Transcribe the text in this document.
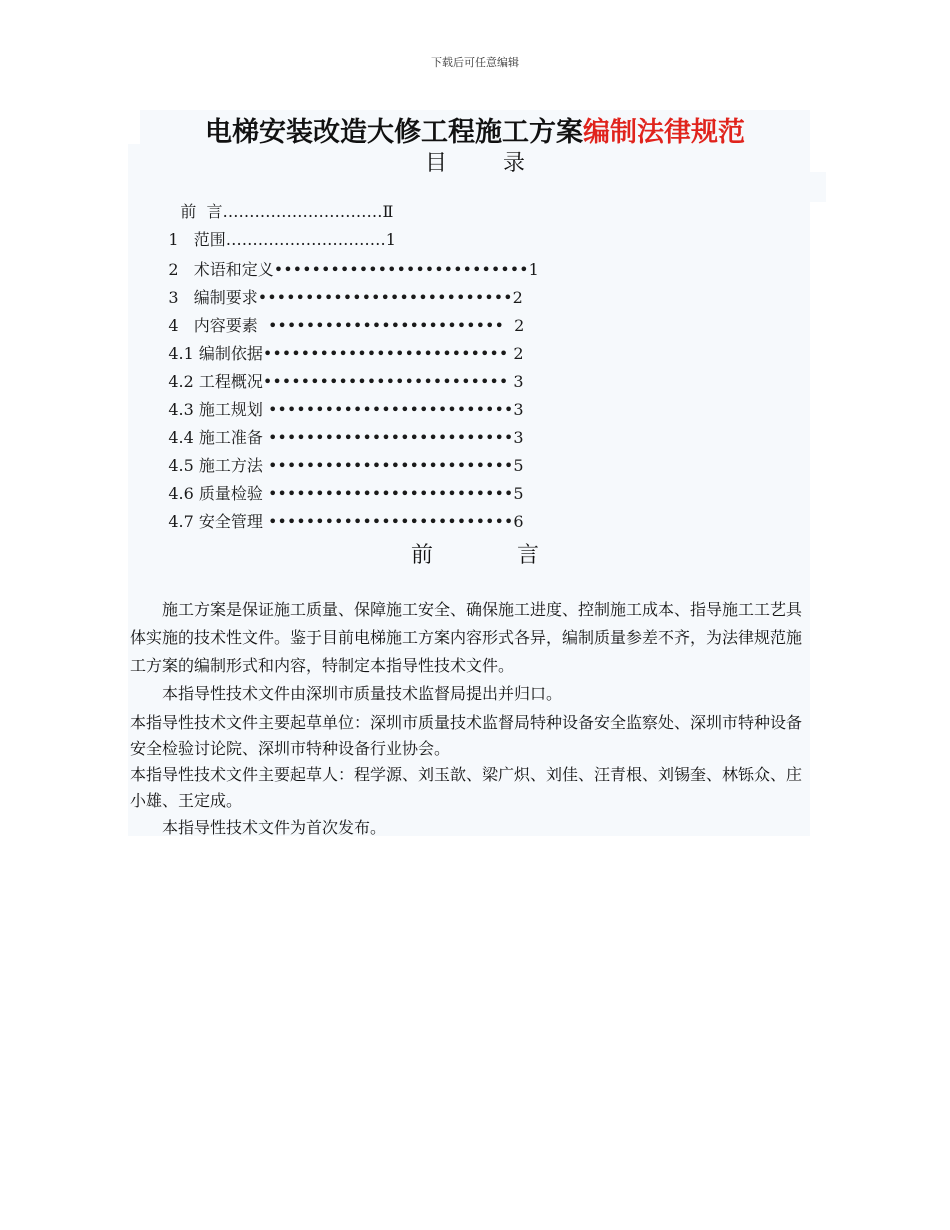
下载后可任意编辑
电梯安装改造大修工程施工方案编制法律规范
目        录

前  言…………………………Ⅱ

1   范围…………………………1

2   术语和定义•••••••••••••••••••••••••••1

3   编制要求•••••••••••••••••••••••••••2

4   内容要素  •••••••••••••••••••••••••  2

4.1 编制依据•••••••••••••••••••••••••• 2

4.2 工程概况•••••••••••••••••••••••••• 3

4.3 施工规划 ••••••••••••••••••••••••••3

4.4 施工准备 ••••••••••••••••••••••••••3

4.5 施工方法 ••••••••••••••••••••••••••5

4.6 质量检验 ••••••••••••••••••••••••••5

4.7 安全管理 ••••••••••••••••••••••••••6

前            言
施工方案是保证施工质量、保障施工安全、确保施工进度、控制施工成本、指导施工工艺具体实施的技术性文件。鉴于目前电梯施工方案内容形式各异，编制质量参差不齐，为法律规范施工方案的编制形式和内容，特制定本指导性技术文件。
本指导性技术文件由深圳市质量技术监督局提出并归口。
本指导性技术文件主要起草单位：深圳市质量技术监督局特种设备安全监察处、深圳市特种设备安全检验讨论院、深圳市特种设备行业协会。
本指导性技术文件主要起草人：程学源、刘玉歆、梁广炽、刘佳、汪青根、刘锡奎、林铄众、庄小雄、王定成。
本指导性技术文件为首次发布。
